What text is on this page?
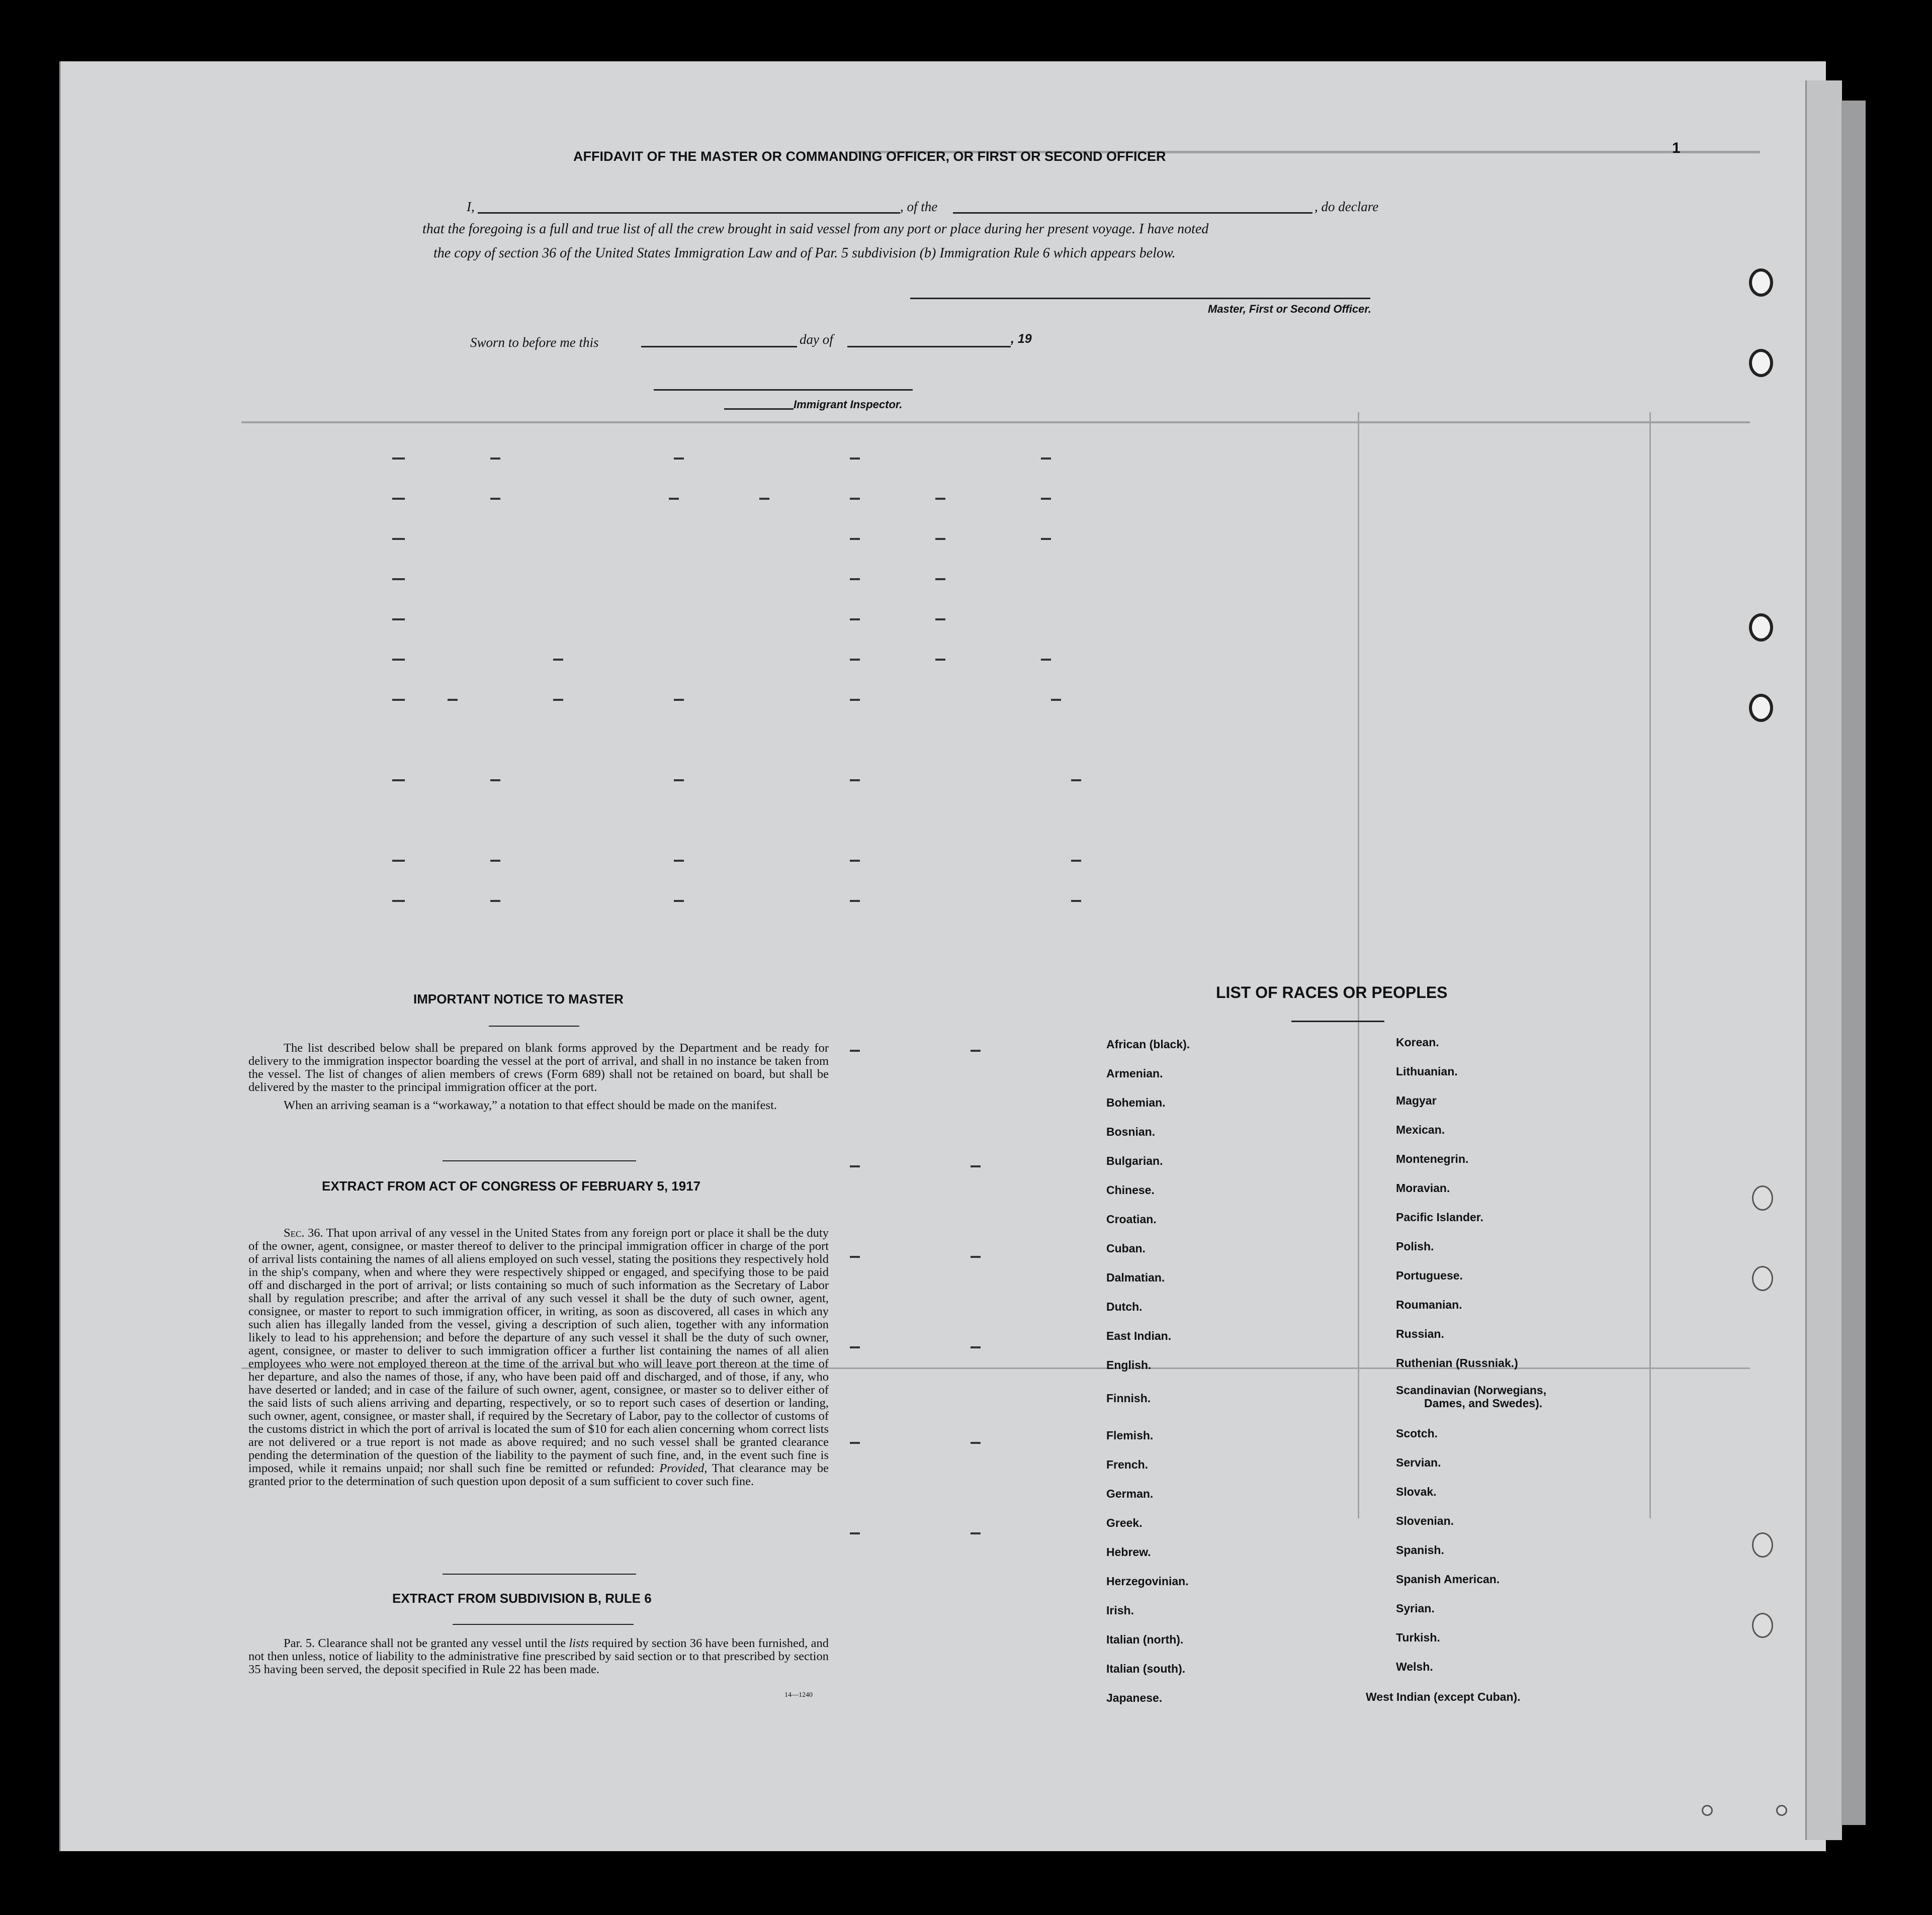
1
AFFIDAVIT OF THE MASTER OR COMMANDING OFFICER, OR FIRST OR SECOND OFFICER
I,	, of the	, do declare
that the foregoing is a full and true list of all the crew brought in said vessel from any port or place during her present voyage. I have noted
the copy of section 36 of the United States Immigration Law and of Par. 5 subdivision (b) Immigration Rule 6 which appears below.
Master, First or Second Officer.
Sworn to before me this	day of	, 19
Immigrant Inspector.
IMPORTANT NOTICE TO MASTER

The list described below shall be prepared on blank forms approved by the Department and be ready for delivery to the immigration inspector boarding the vessel at the port of arrival, and shall in no instance be taken from the vessel. The list of changes of alien members of crews (Form 689) shall not be retained on board, but shall be delivered by the master to the principal immigration officer at the port.

When an arriving seaman is a “workaway,” a notation to that effect should be made on the manifest.

EXTRACT FROM ACT OF CONGRESS OF FEBRUARY 5, 1917

Sec. 36. That upon arrival of any vessel in the United States from any foreign port or place it shall be the duty of the owner, agent, consignee, or master thereof to deliver to the principal immigration officer in charge of the port of arrival lists containing the names of all aliens employed on such vessel, stating the positions they respectively hold in the ship's company, when and where they were respectively shipped or engaged, and specifying those to be paid off and discharged in the port of arrival; or lists containing so much of such information as the Secretary of Labor shall by regulation prescribe; and after the arrival of any such vessel it shall be the duty of such owner, agent, consignee, or master to report to such immigration officer, in writing, as soon as discovered, all cases in which any such alien has illegally landed from the vessel, giving a description of such alien, together with any information likely to lead to his apprehension; and before the departure of any such vessel it shall be the duty of such owner, agent, consignee, or master to deliver to such immigration officer a further list containing the names of all alien employees who were not employed thereon at the time of the arrival but who will leave port thereon at the time of her departure, and also the names of those, if any, who have been paid off and discharged, and of those, if any, who have deserted or landed; and in case of the failure of such owner, agent, consignee, or master so to deliver either of the said lists of such aliens arriving and departing, respectively, or so to report such cases of desertion or landing, such owner, agent, consignee, or master shall, if required by the Secretary of Labor, pay to the collector of customs of the customs district in which the port of arrival is located the sum of $10 for each alien concerning whom correct lists are not delivered or a true report is not made as above required; and no such vessel shall be granted clearance pending the determination of the question of the liability to the payment of such fine, and, in the event such fine is imposed, while it remains unpaid; nor shall such fine be remitted or refunded: Provided, That clearance may be granted prior to the determination of such question upon deposit of a sum sufficient to cover such fine.

EXTRACT FROM SUBDIVISION B, RULE 6

Par. 5. Clearance shall not be granted any vessel until the lists required by section 36 have been furnished, and not then unless, notice of liability to the administrative fine prescribed by said section or to that prescribed by section 35 having been served, the deposit specified in Rule 22 has been made.

14—1240
LIST OF RACES OR PEOPLES
African (black).
Armenian.
Bohemian.
Bosnian.
Bulgarian.
Chinese.
Croatian.
Cuban.
Dalmatian.
Dutch.
East Indian.
English.
Finnish.
Flemish.
French.
German.
Greek.
Hebrew.
Herzegovinian.
Irish.
Italian (north).
Italian (south).
Japanese.
Korean.
Lithuanian.
Magyar
Mexican.
Montenegrin.
Moravian.
Pacific Islander.
Polish.
Portuguese.
Roumanian.
Russian.
Ruthenian (Russniak.)
Scandinavian (Norwegians,
Dames, and Swedes).
Scotch.
Servian.
Slovak.
Slovenian.
Spanish.
Spanish American.
Syrian.
Turkish.
Welsh.
West Indian (except Cuban).
